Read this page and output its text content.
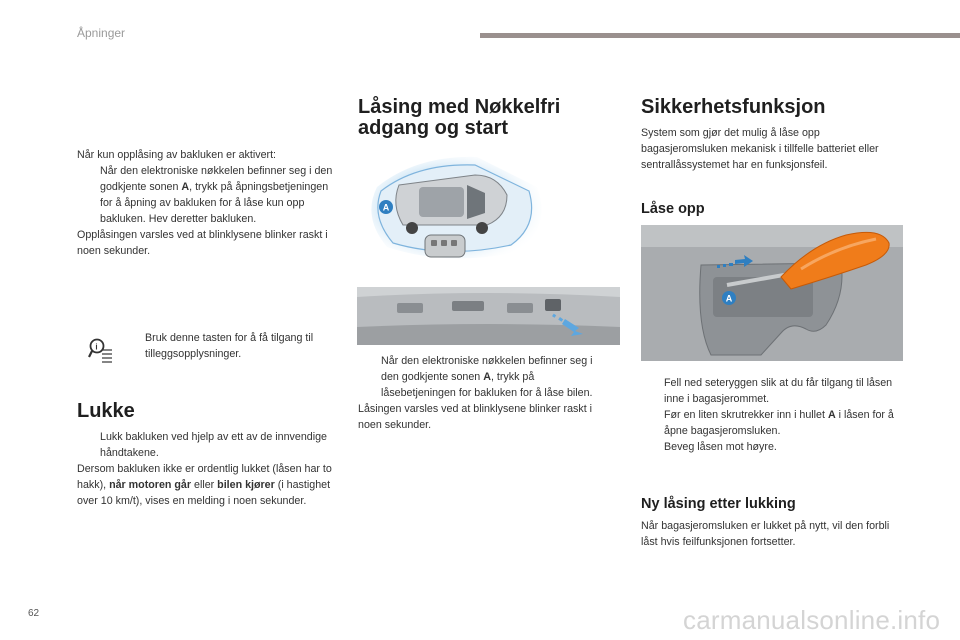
Åpninger

Når kun opplåsing av bakluken er aktivert:

Når den elektroniske nøkkelen befinner seg i den godkjente sonen A, trykk på åpningsbetjeningen for å åpning av bakluken for å låse kun opp bakluken. Hev deretter bakluken.

Opplåsingen varsles ved at blinklysene blinker raskt i noen sekunder.

i
Bruk denne tasten for å få tilgang til tilleggsopplysninger.
Lukke
Lukk bakluken ved hjelp av ett av de innvendige håndtakene.

Dersom bakluken ikke er ordentlig lukket (låsen har to hakk), når motoren går eller bilen kjører (i hastighet over 10 km/t), vises en melding i noen sekunder.

Låsing med Nøkkelfri
adgang og start
A
Når den elektroniske nøkkelen befinner seg i den godkjente sonen A, trykk på låsebetjeningen for bakluken for å låse bilen.

Låsingen varsles ved at blinklysene blinker raskt i noen sekunder.

Sikkerhetsfunksjon
System som gjør det mulig å låse opp bagasjeromsluken mekanisk i tillfelle batteriet eller sentrallåssystemet har en funksjonsfeil.
Låse opp
A
Fell ned seteryggen slik at du får tilgang til låsen inne i bagasjerommet.
Før en liten skrutrekker inn i hullet A i låsen for å åpne bagasjeromsluken.
Beveg låsen mot høyre.
Ny låsing etter lukking
Når bagasjeromsluken er lukket på nytt, vil den forbli låst hvis feilfunksjonen fortsetter.
62	carmanualsonline.info
